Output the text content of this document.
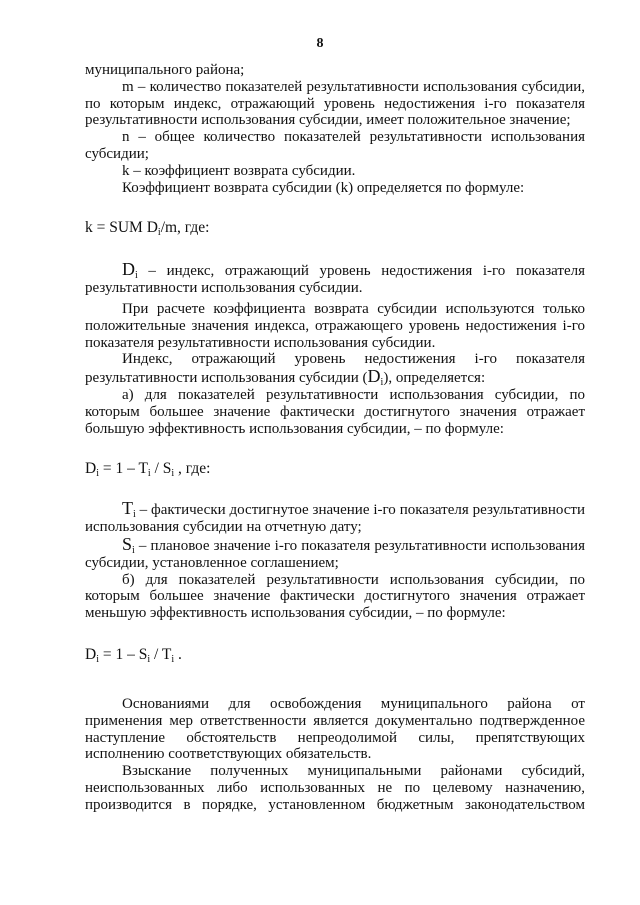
8

муниципального района;

m – количество показателей результативности использования субсидии, по которым индекс, отражающий уровень недостижения i-го показателя результативности использования субсидии, имеет положительное значение;

n – общее количество показателей результативности использования субсидии;

k – коэффициент возврата субсидии.

Коэффициент возврата субсидии (k) определяется по формуле:

k = SUM $D_i/m$, где:

$D_i$ – индекс, отражающий уровень недостижения i-го показателя результативности использования субсидии.

При расчете коэффициента возврата субсидии используются только положительные значения индекса, отражающего уровень недостижения i-го показателя результативности использования субсидии.

Индекс, отражающий уровень недостижения i-го показателя результативности использования субсидии $(D_i)$, определяется:

а) для показателей результативности использования субсидии, по которым большее значение фактически достигнутого значения отражает большую эффективность использования субсидии, – по формуле:

$D_i = 1 - T_i / S_i$ , где:

$T_i$ – фактически достигнутое значение i-го показателя результативности использования субсидии на отчетную дату;

$S_i$ – плановое значение i-го показателя результативности использования субсидии, установленное соглашением;

б) для показателей результативности использования субсидии, по которым большее значение фактически достигнутого значения отражает меньшую эффективность использования субсидии, – по формуле:

$D_i = 1 - S_i / T_i$ .

Основаниями для освобождения муниципального района от применения мер ответственности является документально подтвержденное наступление обстоятельств непреодолимой силы, препятствующих исполнению соответствующих обязательств.

Взыскание полученных муниципальными районами субсидий, неиспользованных либо использованных не по целевому назначению, производится в порядке, установленном бюджетным законодательством
